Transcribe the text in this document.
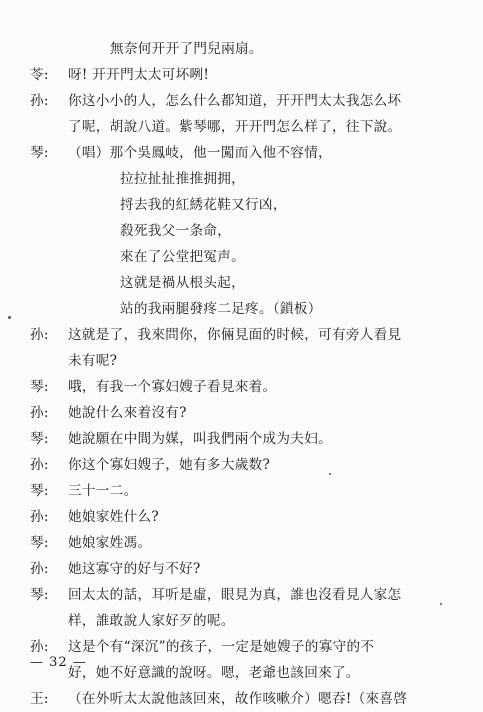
無奈何开开了門兒兩扇。
苓: 呀! 开开門太太可坏咧!
孙: 你这小小的人，怎么什么都知道，开开門太太我怎么坏
了呢，胡說八道。紫琴哪，开开門怎么样了，往下說。
琴: （唱）那个吳鳳岐，他一闖而入他不容情，
拉拉扯扯推推拥拥，
捋去我的紅綉花鞋又行凶，
殺死我父一条命，
來在了公堂把冤声。
这就是禍从根头起，
站的我兩腿發疼二足疼。（鎖板）
孙: 这就是了，我來問你，你倆見面的时候，可有旁人看見
未有呢?
琴: 哦，有我一个寡妇嫂子看見來着。
孙: 她說什么來着沒有?
琴: 她說願在中間为媒，叫我們兩个成为夫妇。
孙: 你这个寡妇嫂子，她有多大歲数?
琴: 三十一二。
孙: 她娘家姓什么?
琴: 她娘家姓馮。
孙: 她这寡守的好与不好?
琴: 回太太的話，耳听是虛，眼見为真，誰也沒看見人家怎
样，誰敢說人家好歹的呢。
孙: 这是个有“深沉”的孩子，一定是她嫂子的寡守的不
好，她不好意識的說呀。嗯，老爺也該回來了。
王: （在外听太太說他該回來，故作咳嗽介）嗯吞!（來喜啓
— 32 —
